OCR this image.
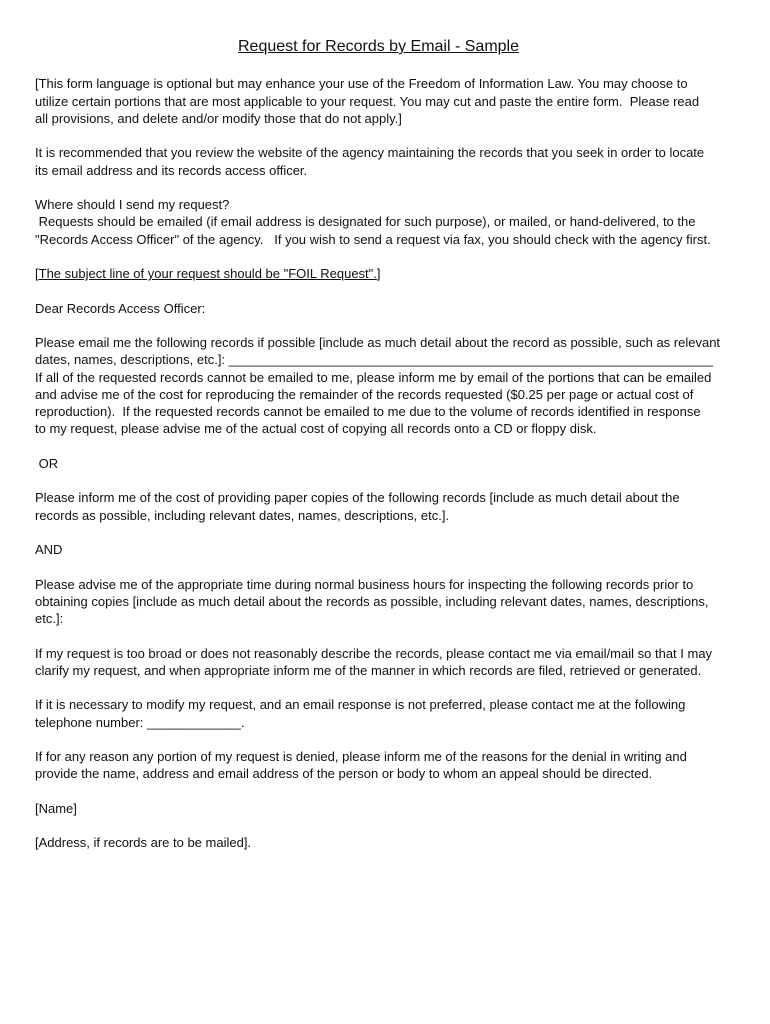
Request for Records by Email - Sample
[This form language is optional but may enhance your use of the Freedom of Information Law. You may choose to
utilize certain portions that are most applicable to your request. You may cut and paste the entire form.  Please read
all provisions, and delete and/or modify those that do not apply.]
It is recommended that you review the website of the agency maintaining the records that you seek in order to locate
its email address and its records access officer.
Where should I send my request?
Requests should be emailed (if email address is designated for such purpose), or mailed, or hand-delivered, to the
"Records Access Officer" of the agency.   If you wish to send a request via fax, you should check with the agency first.
[The subject line of your request should be "FOIL Request".]
Dear Records Access Officer:
Please email me the following records if possible [include as much detail about the record as possible, such as relevant
dates, names, descriptions, etc.]: ___________________________________________________________________
If all of the requested records cannot be emailed to me, please inform me by email of the portions that can be emailed
and advise me of the cost for reproducing the remainder of the records requested ($0.25 per page or actual cost of
reproduction).  If the requested records cannot be emailed to me due to the volume of records identified in response
to my request, please advise me of the actual cost of copying all records onto a CD or floppy disk.
OR
Please inform me of the cost of providing paper copies of the following records [include as much detail about the
records as possible, including relevant dates, names, descriptions, etc.].
AND
Please advise me of the appropriate time during normal business hours for inspecting the following records prior to
obtaining copies [include as much detail about the records as possible, including relevant dates, names, descriptions,
etc.]:
If my request is too broad or does not reasonably describe the records, please contact me via email/mail so that I may
clarify my request, and when appropriate inform me of the manner in which records are filed, retrieved or generated.
If it is necessary to modify my request, and an email response is not preferred, please contact me at the following
telephone number: _____________.
If for any reason any portion of my request is denied, please inform me of the reasons for the denial in writing and
provide the name, address and email address of the person or body to whom an appeal should be directed.
[Name]
[Address, if records are to be mailed].
